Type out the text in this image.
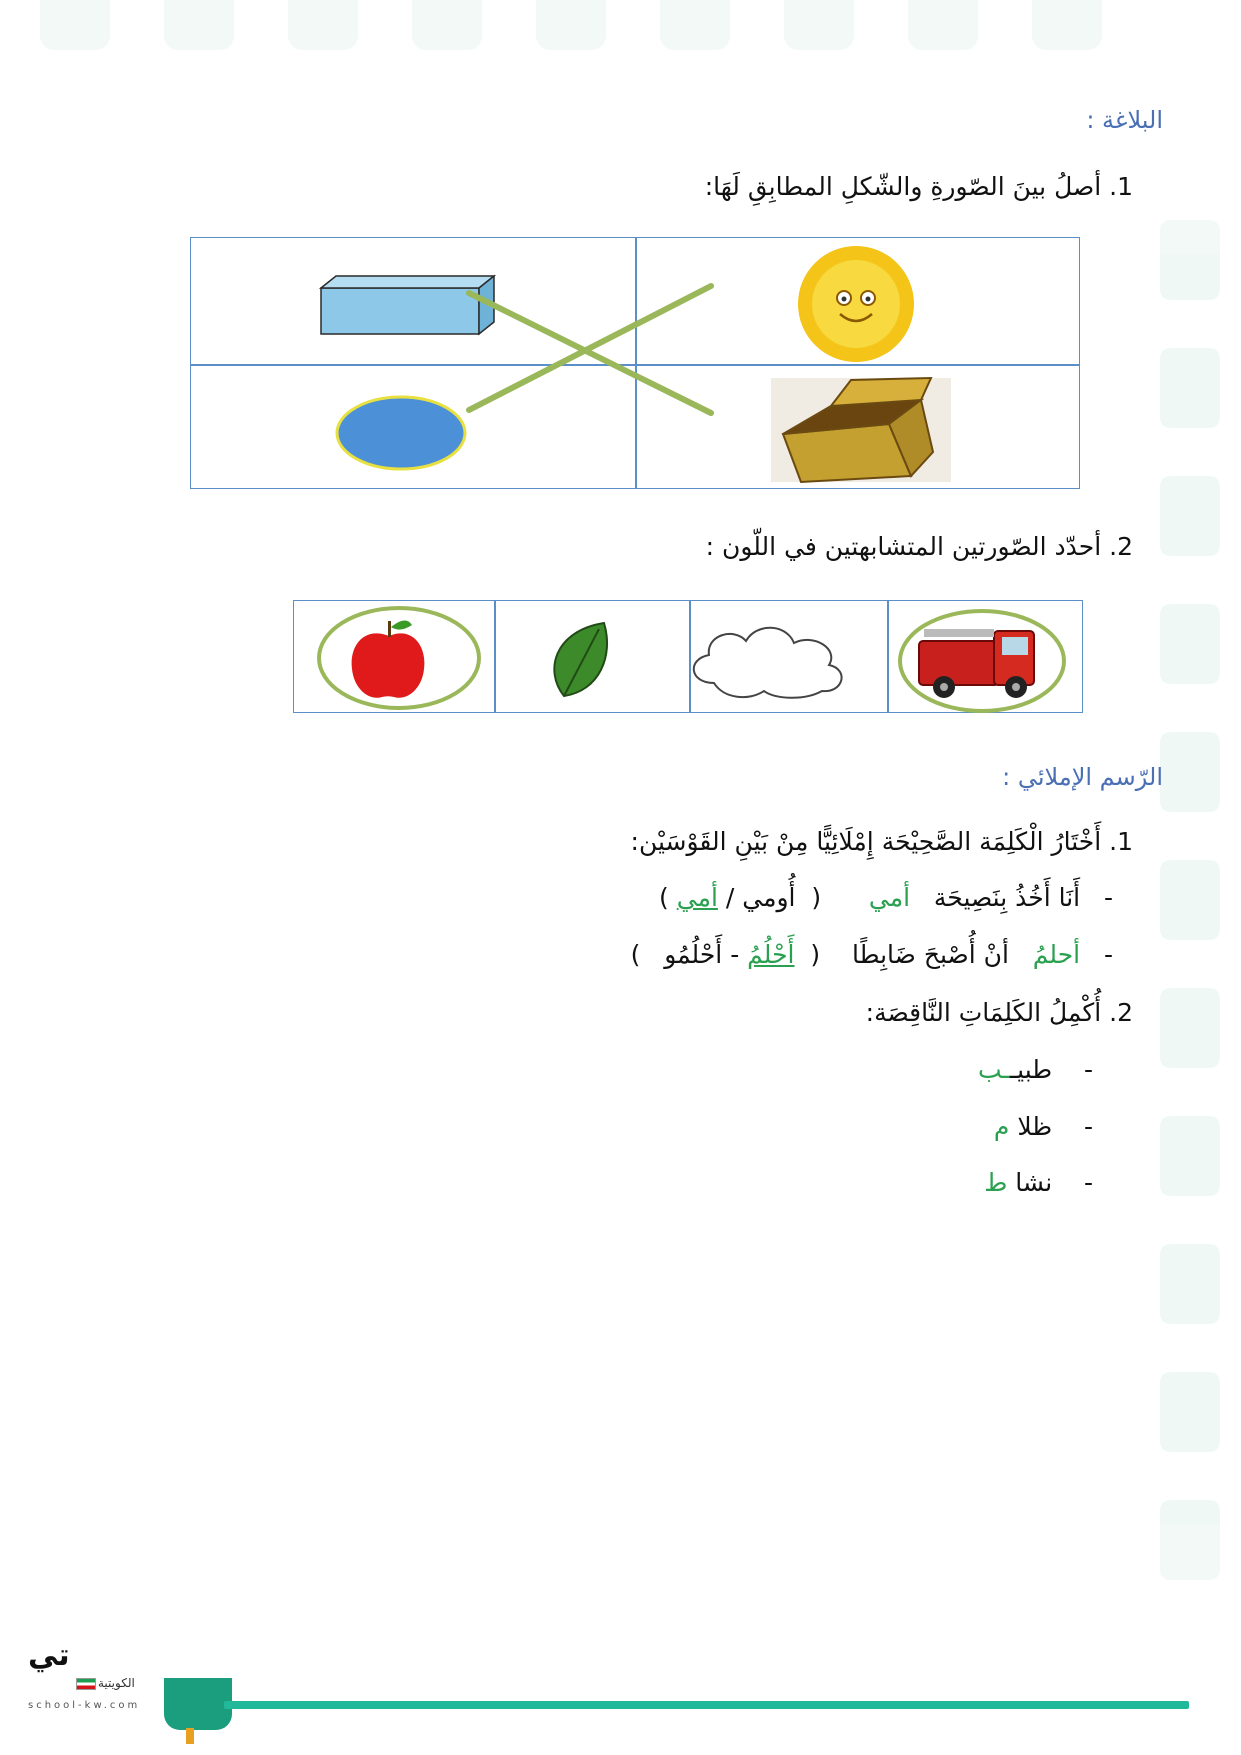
البلاغة :
1. أصلُ بينَ الصّورةِ والشّكلِ المطابِقِ لَهَا:
2. أحدّد الصّورتين المتشابهتين في اللّون :
الرّسم الإملائي :
1. أَخْتَارُ الْكَلِمَة الصَّحِيْحَة إِمْلَائِيًّا مِنْ بَيْنِ القَوْسَيْن:
-   أَنَا أَخُذُ بِنَصِيحَة   أمي      (  أُومي / أمي )
-   أحلمُ   أنْ أُصْبحَ ضَابِطًا    (  أَحْلُمُ - أَحْلُمُو   )
2. أُكْمِلُ الكَلِمَاتِ النَّاقِصَة:
-    طبيــب
-    ظلا م
-    نشا ط
تي
الكويتية
school-kw.com
